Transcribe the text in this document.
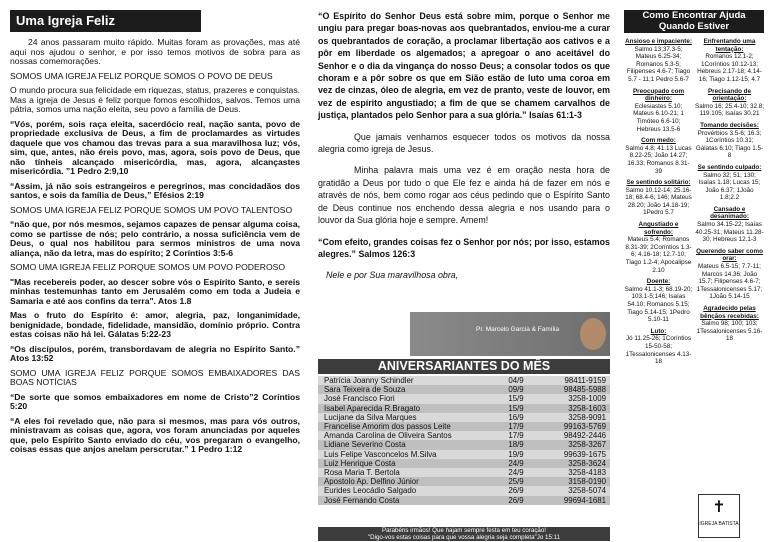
Uma Igreja Feliz

24 anos passaram muito rápido. Muitas foram as provações, mas até aqui nos ajudou o senhor, e por isso temos motivos de sobra para as nossas comemorações.

SOMOS UMA IGREJA FELIZ PORQUE SOMOS O POVO DE DEUS

O mundo procura sua felicidade em riquezas, status, prazeres e conquistas. Mas a igreja de Jesus é feliz porque fomos escolhidos, salvos. Temos uma pátria, somos uma nação eleita, seu povo a família de Deus.

“Vós, porém, sois raça eleita, sacerdócio real, nação santa, povo de propriedade exclusiva de Deus, a fim de proclamardes as virtudes daquele que vos chamou das trevas para a sua maravilhosa luz; vós, sim, que, antes, não éreis povo, mas, agora, sois povo de Deus, que não tínheis alcançado misericórdia, mas, agora, alcançastes misericórdia. ”1 Pedro 2:9,10

“Assim, já não sois estrangeiros e peregrinos, mas concidadãos dos santos, e sois da família de Deus,” Efésios 2:19

SOMOS UMA IGREJA FELIZ PORQUE SOMOS UM POVO TALENTOSO

“não que, por nós mesmos, sejamos capazes de pensar alguma coisa, como se partisse de nós; pelo contrário, a nossa suficiência vem de Deus, o qual nos habilitou para sermos ministros de uma nova aliança, não da letra, mas do espírito; 2 Coríntios 3:5-6

SOMO UMA IGREJA FELIZ PORQUE SOMOS UM POVO PODEROSO

"Mas recebereis poder, ao descer sobre vós o Espírito Santo, e sereis minhas testemunhas tanto em Jerusalém como em toda a Judeia e Samaria e até aos confins da terra". Atos 1.8

Mas o fruto do Espírito é: amor, alegria, paz, longanimidade, benignidade, bondade, fidelidade, mansidão, domínio próprio. Contra estas coisas não há lei. Gálatas 5:22-23

“Os discípulos, porém, transbordavam de alegria no Espírito Santo.” Atos 13:52

SOMO UMA IGREJA FELIZ PORQUE SOMOS EMBAIXADORES DAS BOAS NOTÍCIAS

“De sorte que somos embaixadores em nome de Cristo”2 Coríntios 5:20

“A eles foi revelado que, não para si mesmos, mas para vós outros, ministravam as coisas que, agora, vos foram anunciadas por aqueles que, pelo Espírito Santo enviado do céu, vos pregaram o evangelho, coisas essas que anjos anelam perscrutar.” 1 Pedro 1:12

“O Espírito do Senhor Deus está sobre mim, porque o Senhor me ungiu para pregar boas-novas aos quebrantados, enviou-me a curar os quebrantados de coração, a proclamar libertação aos cativos e a pôr em liberdade os algemados; a apregoar o ano aceitável do Senhor e o dia da vingança do nosso Deus; a consolar todos os que choram e a pôr sobre os que em Sião estão de luto uma coroa em vez de cinzas, óleo de alegria, em vez de pranto, veste de louvor, em vez de espírito angustiado; a fim de que se chamem carvalhos de justiça, plantados pelo Senhor para a sua glória.” Isaías 61:1-3

Que jamais venhamos esquecer todos os motivos da nossa alegria como igreja de Jesus.

Minha palavra mais uma vez é em oração nesta hora de gratidão a Deus por tudo o que Ele fez e ainda há de fazer em nós e através de nós, bem como rogar aos céus pedindo que o Espírito Santo de Deus continue nos enchendo dessa alegria e nos usando para o louvor da Sua glória hoje e sempre. Amem!

“Com efeito, grandes coisas fez o Senhor por nós; por isso, estamos alegres.” Salmos 126:3

Nele e por Sua maravilhosa obra,

Pr. Marcelo Garcia & Família
ANIVERSARIANTES DO MÊS
Patrícia Joanny Schindler	04/9	98411-9159
Sara Teixeira de Souza	09/9	98485-5988
José Francisco Fiori	15/9	3258-1009
Isabel Aparecida R.Bragato	15/9	3258-1603
Lucijane da Silva Marques	16/9	3258-9091
Francelise Amorim dos passos Leite	17/9	99163-5769
Amanda Carolina de Oliveira Santos	17/9	98492-2446
Lidiane Severino Costa	18/9	3258-3267
Luis Felipe Vasconcelos M.Silva	19/9	99639-1675
Luiz Henrique Costa	24/9	3258-3624
Rosa Maria T. Bertola	24/9	3258-4183
Apostolo Ap. Delfino Júnior	25/9	3158-0190
Eurides Leocádio Salgado	26/9	3258-5074
José Fernando Costa	26/9	99694-1681
Parabéns irmãos! Que hajam sempre festa em teu coração!
"Digo-vos estas coisas para que vossa alegria seja completa"Jo 15:11
Como Encontrar Ajuda
Quando Estiver

Ansioso e impaciente:

Salmo 13;37.3-5; Mateus 6.25-34; Romanos 5.3-5; Filipenses 4.6-7; Tiago 5.7 - 11;1 Pedro 5.6-7

Preocupado com dinheiro:

Eclesiastes 5.10; Mateus 6.10-21; 1 Timóteo 6.6-10; Hebreus 13.5-6

Com medo:

Salmo 4.8; 41.13 Lucas 8.22-25; João 14.27; 16.33; Romanos 8.31-39

Se sentindo solitário:

Salmo 10.12-14; 25.16-18; 68.4-6; 146; Mateus 28.20; João 14.18-19; 1Pedro 5.7

Angustiado e sofrendo:

Mateus 5.4; Romanos 8.31-39; 2Coríntios 1.3-6; 4.16-18; 12.7-10; Tiago 1.2-4; Apocalipse 2.10

Doente:

Salmo 41.1-3; 68.19-20; 103.1-5;146; Isaías 54.10; Romanos 5.15; Tiago 5.14-15; 1Pedro 5.10-11

Luto:

Jó 11.25-26; 1Coríntios 15-50-58; 1Tessalonicenses 4.13-18

Enfrentando uma tentação:

Romanos 12.1-2; 1Coríntios 10.12-13; Hebreus 2.17-18; 4.14-16; Tiago 1.12-15; 4.7

Precisando de orientação:

Salmo 16; 25.4-10; 32.8; 119.105; Isaías 30.21

Tomando decisões:

Provérbios 3.5-6; 16.3; 1Coríntios 10.31; Gálatas 6.10; Tiago 1.5-8

Se sentindo culpado:

Salmo 32; 51; 130; Isaías 1.18; Lucas 15; João 6.37; 1João 1.8;2.2

Cansado e desanimado:

Salmo 34.15-22; Isaías 40.25-31; Mateus 11.28-30; Hebreus 12.1-3

Querendo saber como orar:

Mateus 6.5-15; 7.7-11; Marcos 14.36; João 15.7; Filipenses 4.6-7; 1Tessalonicenses 5.17; 1João 5.14-15

Agradecido pelas bênçãos recebidas:

Salmo 98; 100; 103; 1Tessalonicenses 5.16-18

✝
IGREJA BATISTA
